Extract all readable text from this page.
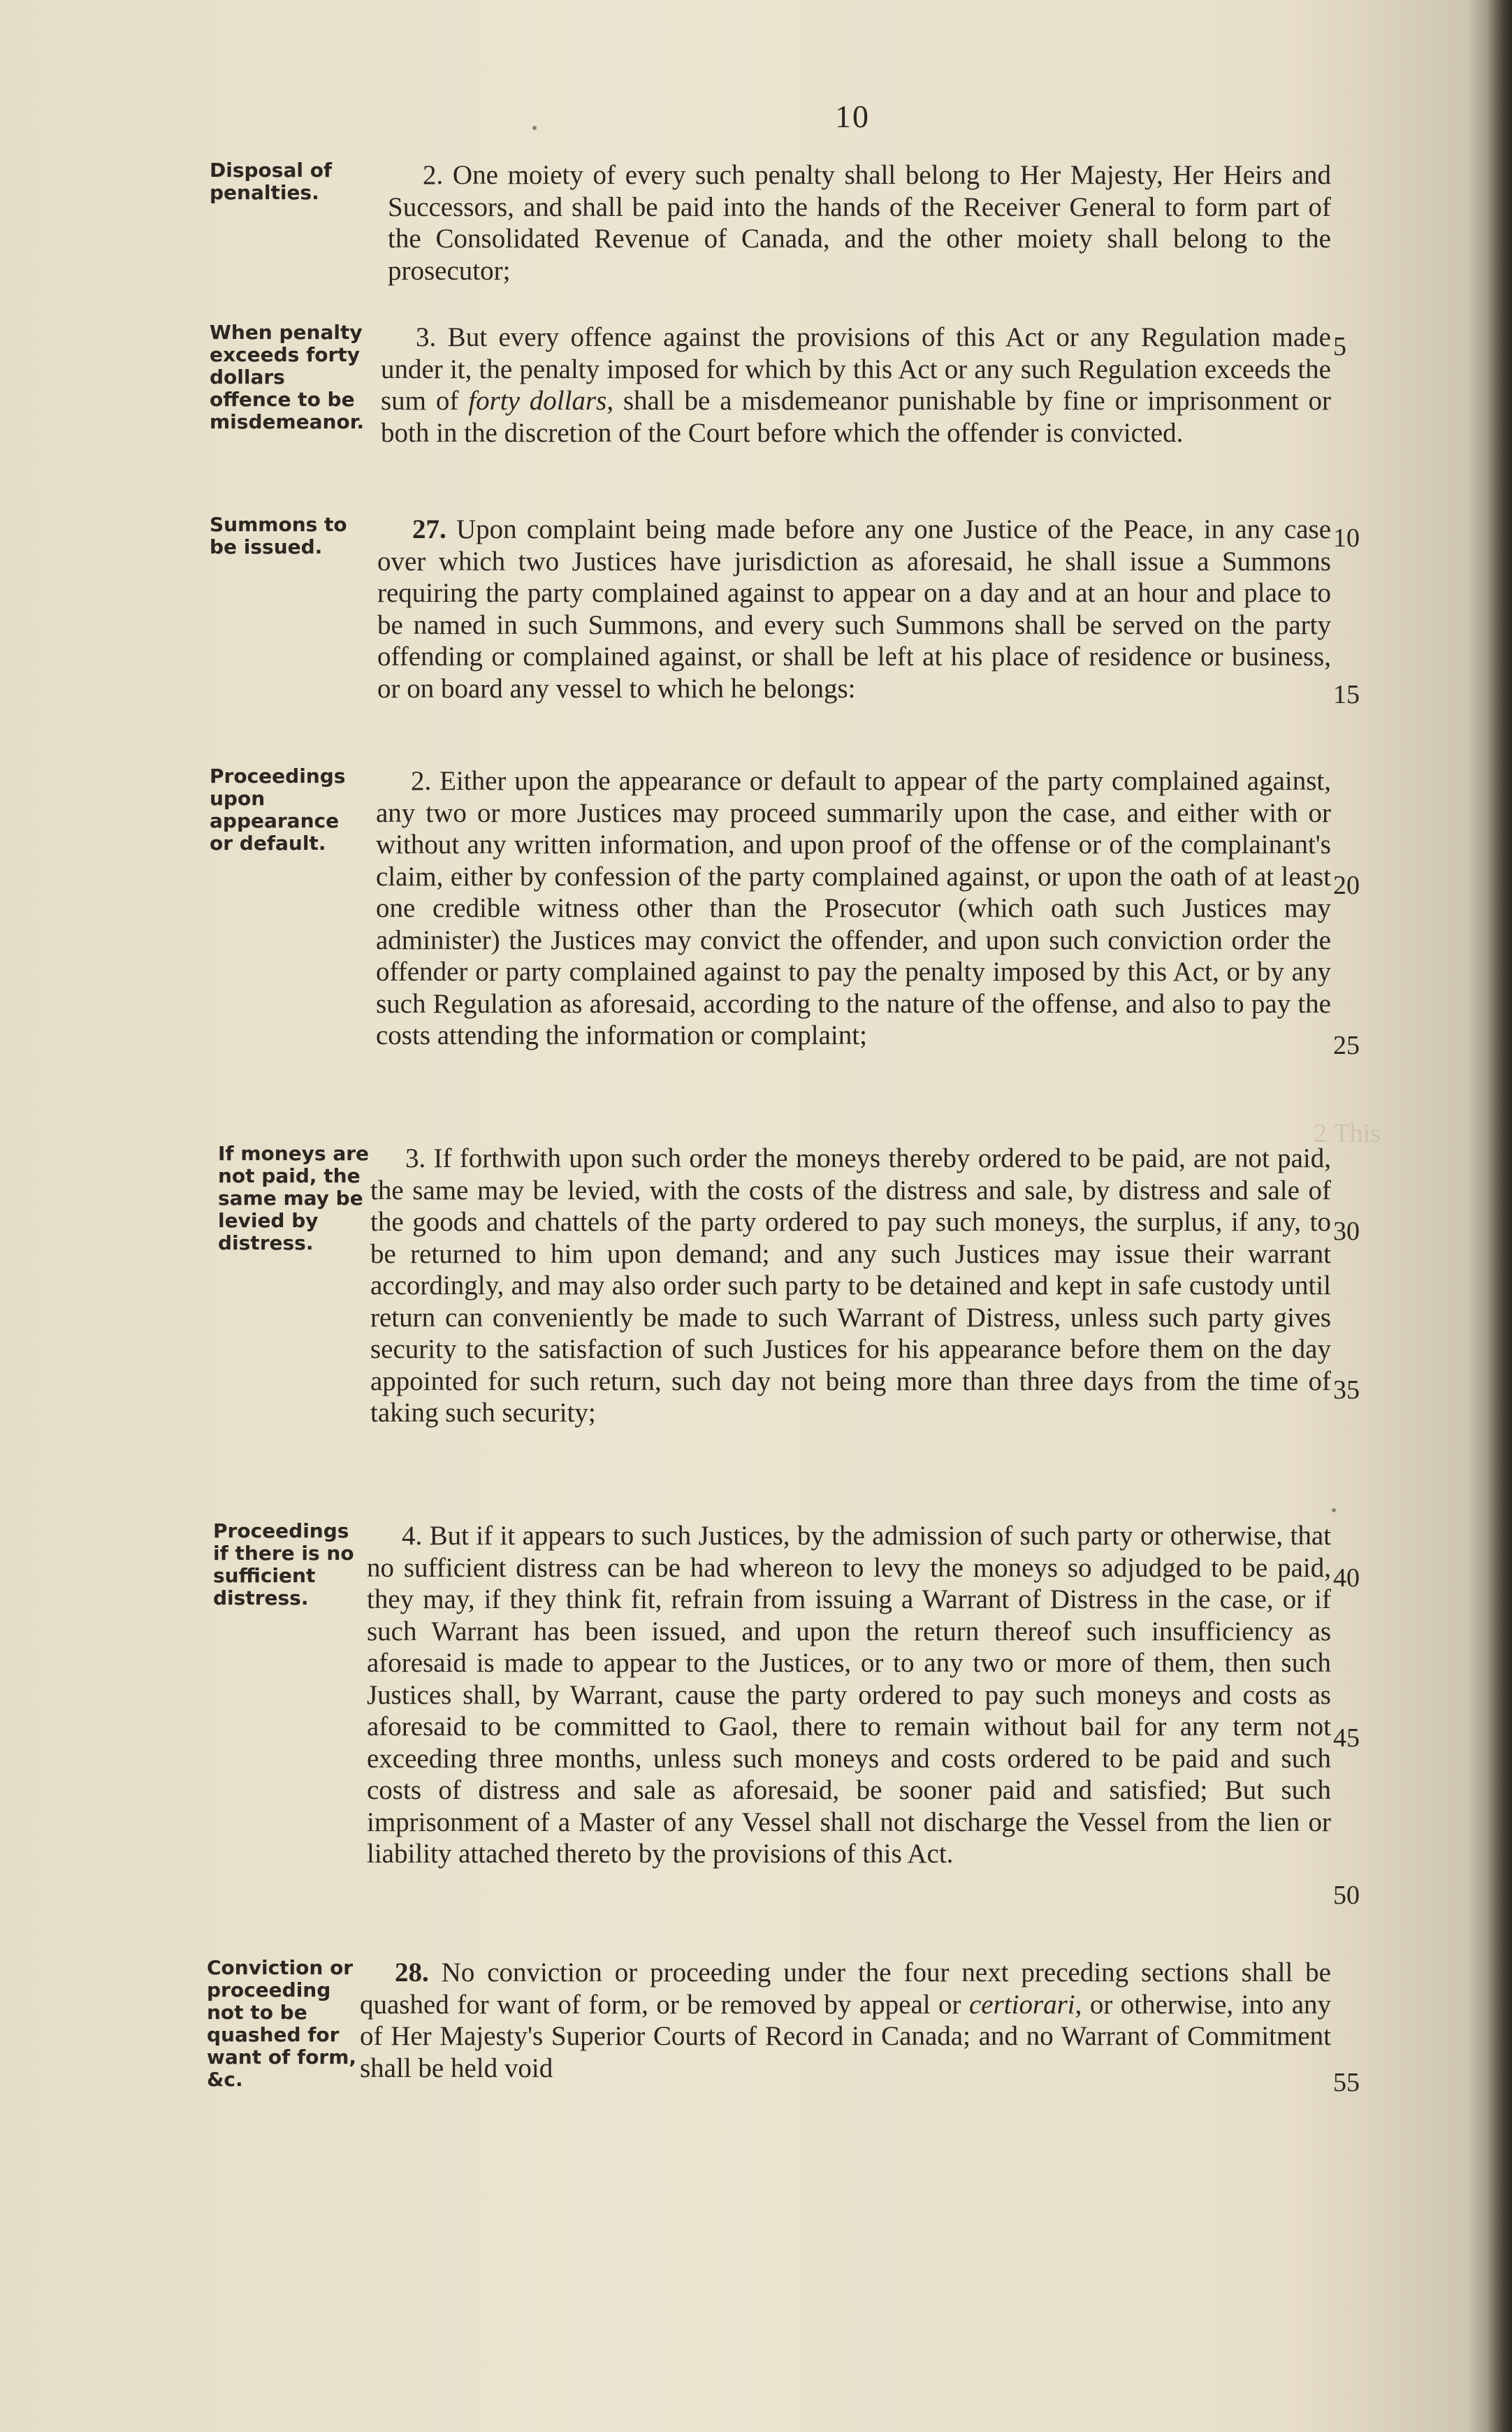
2 This
10
Disposal of penalties.

2. One moiety of every such penalty shall belong to Her Majesty, Her Heirs and Successors, and shall be paid into the hands of the Receiver General to form part of the Consolidated Revenue of Canada, and the other moiety shall belong to the prosecutor;

When penalty exceeds forty dollars offence to be misdemeanor.

3. But every offence against the provisions of this Act or any Regulation made under it, the penalty imposed for which by this Act or any such Regulation exceeds the sum of forty dollars, shall be a misdemeanor punishable by fine or imprisonment or both in the discretion of the Court before which the offender is convicted.

Summons to be issued.

27. Upon complaint being made before any one Justice of the Peace, in any case over which two Justices have jurisdiction as aforesaid, he shall issue a Summons requiring the party complained against to appear on a day and at an hour and place to be named in such Summons, and every such Summons shall be served on the party offending or complained against, or shall be left at his place of residence or business, or on board any vessel to which he belongs:

Proceedings upon appearance or default.

2. Either upon the appearance or default to appear of the party complained against, any two or more Justices may proceed summarily upon the case, and either with or without any written information, and upon proof of the offense or of the complainant's claim, either by confession of the party complained against, or upon the oath of at least one credible witness other than the Prosecutor (which oath such Justices may administer) the Justices may convict the offender, and upon such conviction order the offender or party complained against to pay the penalty imposed by this Act, or by any such Regulation as aforesaid, according to the nature of the offense, and also to pay the costs attending the information or complaint;

If moneys are not paid, the same may be levied by distress.

3. If forthwith upon such order the moneys thereby ordered to be paid, are not paid, the same may be levied, with the costs of the distress and sale, by distress and sale of the goods and chattels of the party ordered to pay such moneys, the surplus, if any, to be returned to him upon demand; and any such Justices may issue their warrant accordingly, and may also order such party to be detained and kept in safe custody until return can conveniently be made to such Warrant of Distress, unless such party gives security to the satisfaction of such Justices for his appearance before them on the day appointed for such return, such day not being more than three days from the time of taking such security;

Proceedings if there is no sufficient distress.

4. But if it appears to such Justices, by the admission of such party or otherwise, that no sufficient distress can be had whereon to levy the moneys so adjudged to be paid, they may, if they think fit, refrain from issuing a Warrant of Distress in the case, or if such Warrant has been issued, and upon the return thereof such insufficiency as aforesaid is made to appear to the Justices, or to any two or more of them, then such Justices shall, by Warrant, cause the party ordered to pay such moneys and costs as aforesaid to be committed to Gaol, there to remain without bail for any term not exceeding three months, unless such moneys and costs ordered to be paid and such costs of distress and sale as aforesaid, be sooner paid and satisfied; But such imprisonment of a Master of any Vessel shall not discharge the Vessel from the lien or liability attached thereto by the provisions of this Act.

Conviction or proceeding not to be quashed for want of form, &c.

28. No conviction or proceeding under the four next preceding sections shall be quashed for want of form, or be removed by appeal or certiorari, or otherwise, into any of Her Majesty's Superior Courts of Record in Canada; and no Warrant of Commitment shall be held void

5
10
15
20
25
30
35
40
45
50
55
